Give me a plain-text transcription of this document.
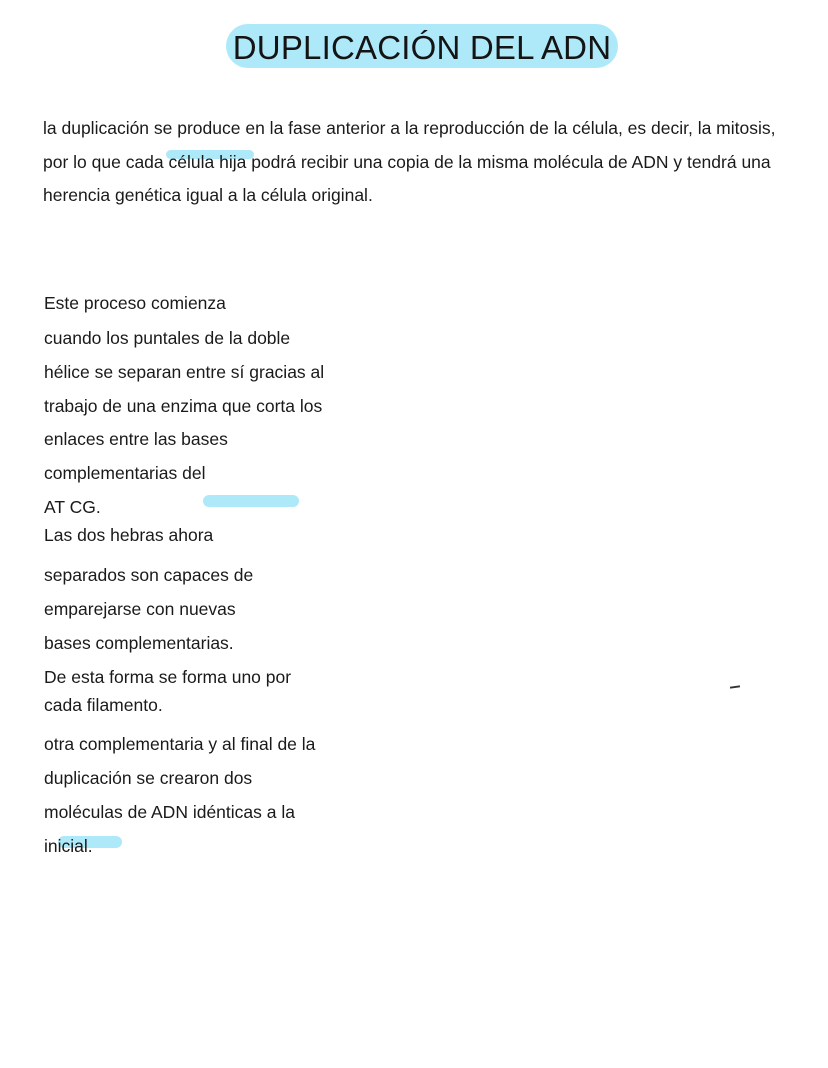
DUPLICACIÓN DEL ADN

la duplicación se produce en la fase anterior a la reproducción de la célula, es decir, la mitosis, por lo que cada célula hija podrá recibir una copia de la misma molécula de ADN y tendrá una herencia genética igual a la célula original.

Este proceso comienza

cuando los puntales de la doble

hélice se separan entre sí gracias al

trabajo de una enzima que corta los

enlaces entre las bases

complementarias del

AT CG.

Las dos hebras ahora

separados son capaces de

emparejarse con nuevas

bases complementarias.

De esta forma se forma uno por

cada filamento.

otra complementaria y al final de la

duplicación se crearon dos

moléculas de ADN idénticas a la

inicial.
